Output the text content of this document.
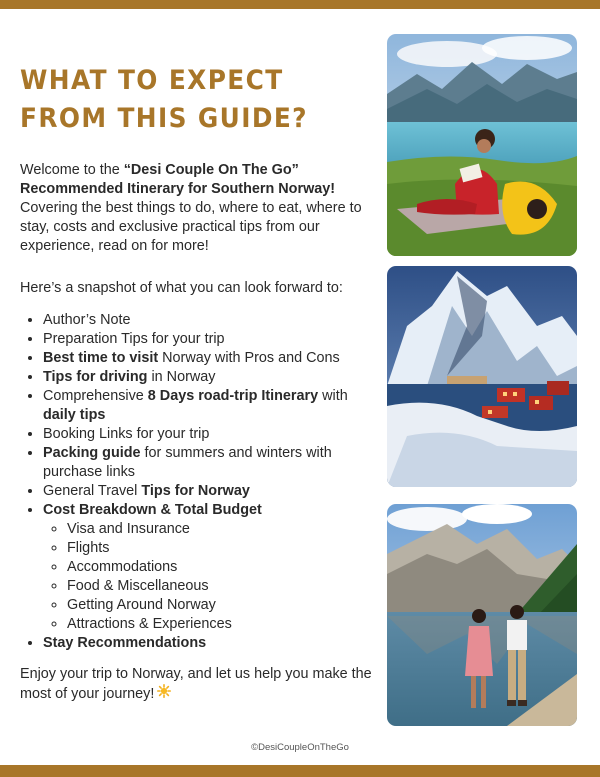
WHAT TO EXPECT
FROM THIS GUIDE?

Welcome to the “Desi Couple On The Go” Recommended Itinerary for Southern Norway! Covering the best things to do, where to eat, where to stay, costs and exclusive practical tips from our experience, read on for more!

Here’s a snapshot of what you can look forward to:

• Author’s Note
• Preparation Tips for your trip
• Best time to visit Norway with Pros and Cons
• Tips for driving in Norway
• Comprehensive 8 Days road-trip Itinerary with daily tips
• Booking Links for your trip
• Packing guide for summers and winters with purchase links
• General Travel Tips for Norway
• Cost Breakdown & Total Budget
◦ Visa and Insurance
◦ Flights
◦ Accommodations
◦ Food & Miscellaneous
◦ Getting Around Norway
◦ Attractions & Experiences
• Stay Recommendations

Enjoy your trip to Norway, and let us help you make the most of your journey!

©DesiCoupleOnTheGo
